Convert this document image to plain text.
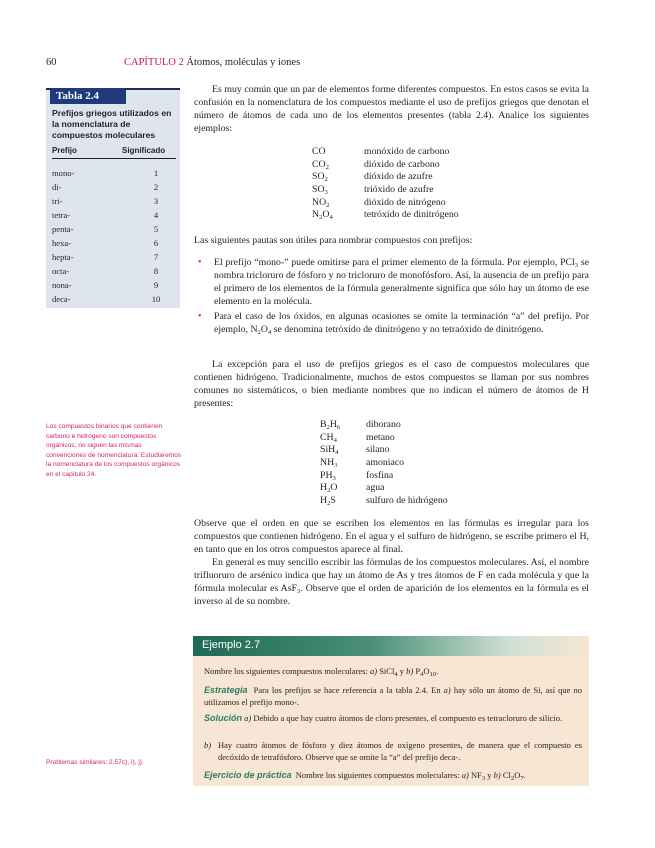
60	CAPÍTULO 2 Átomos, moléculas y iones
Tabla 2.4
Prefijos griegos utilizados en la nomenclatura de compuestos moleculares
Prefijo	Significado
mono-	1
di-	2
tri-	3
tetra-	4
penta-	5
hexa-	6
hepta-	7
octa-	8
nona-	9
deca-	10
Los compuestos binarios que contienen carbono e hidrógeno son compuestos orgánicos; no siguen las mismas convenciones de nomenclatura. Estudiaremos la nomenclatura de los compuestos orgánicos en el capítulo 24.
Problemas similares: 2.57c), i), j).
Es muy común que un par de elementos forme diferentes compuestos. En estos casos se evita la confusión en la nomenclatura de los compuestos mediante el uso de prefijos griegos que denotan el número de átomos de cada uno de los elementos presentes (tabla 2.4). Analice los siguientes ejemplos:
CO	monóxido de carbono
$CO_2$	dióxido de carbono
$SO_2$	dióxido de azufre
$SO_3$	trióxido de azufre
$NO_2$	dióxido de nitrógeno
$N_2O_4$	tetróxido de dinitrógeno
Las siguientes pautas son útiles para nombrar compuestos con prefijos:
• El prefijo “mono-” puede omitirse para el primer elemento de la fórmula. Por ejemplo, PCl$_3$ se nombra tricloruro de fósforo y no tricloruro de monofósforo. Así, la ausencia de un prefijo para el primero de los elementos de la fórmula generalmente significa que sólo hay un átomo de ese elemento en la molécula.
• Para el caso de los óxidos, en algunas ocasiones se omite la terminación “a” del prefijo. Por ejemplo, $N_2O_4$ se denomina tetróxido de dinitrógeno y no tetraóxido de dinitrógeno.
La excepción para el uso de prefijos griegos es el caso de compuestos moleculares que contienen hidrógeno. Tradicionalmente, muchos de estos compuestos se llaman por sus nombres comunes no sistemáticos, o bien mediante nombres que no indican el número de átomos de H presentes:
$B_2H_6$	diborano
$CH_4$	metano
SiH$_4$	silano
$NH_3$	amoniaco
$PH_3$	fosfina
$H_2O$	agua
$H_2S$	sulfuro de hidrógeno
Observe que el orden en que se escriben los elementos en las fórmulas es irregular para los compuestos que contienen hidrógeno. En el agua y el sulfuro de hidrógeno, se escribe primero el H, en tanto que en los otros compuestos aparece al final.
En general es muy sencillo escribir las fórmulas de los compuestos moleculares. Así, el nombre trifluoruro de arsénico indica que hay un átomo de As y tres átomos de F en cada molécula y que la fórmula molecular es AsF$_3$. Observe que el orden de aparición de los elementos en la fórmula es el inverso al de su nombre.
Ejemplo 2.7
Nombre los siguientes compuestos moleculares: a) SiCl$_4$ y b) $P_4O_{10}$.
Estrategia Para los prefijos se hace referencia a la tabla 2.4. En a) hay sólo un átomo de Si, así que no utilizamos el prefijo mono-.
Solución a) Debido a que hay cuatro átomos de cloro presentes, el compuesto es tetracloruro de silicio.
b) Hay cuatro átomos de fósforo y diez átomos de oxígeno presentes, de manera que el compuesto es decóxido de tetrafósforo. Observe que se omite la “a” del prefijo deca-.
Ejercicio de práctica Nombre los siguientes compuestos moleculares: a) $NF_3$ y b) $Cl_2O_7$.
